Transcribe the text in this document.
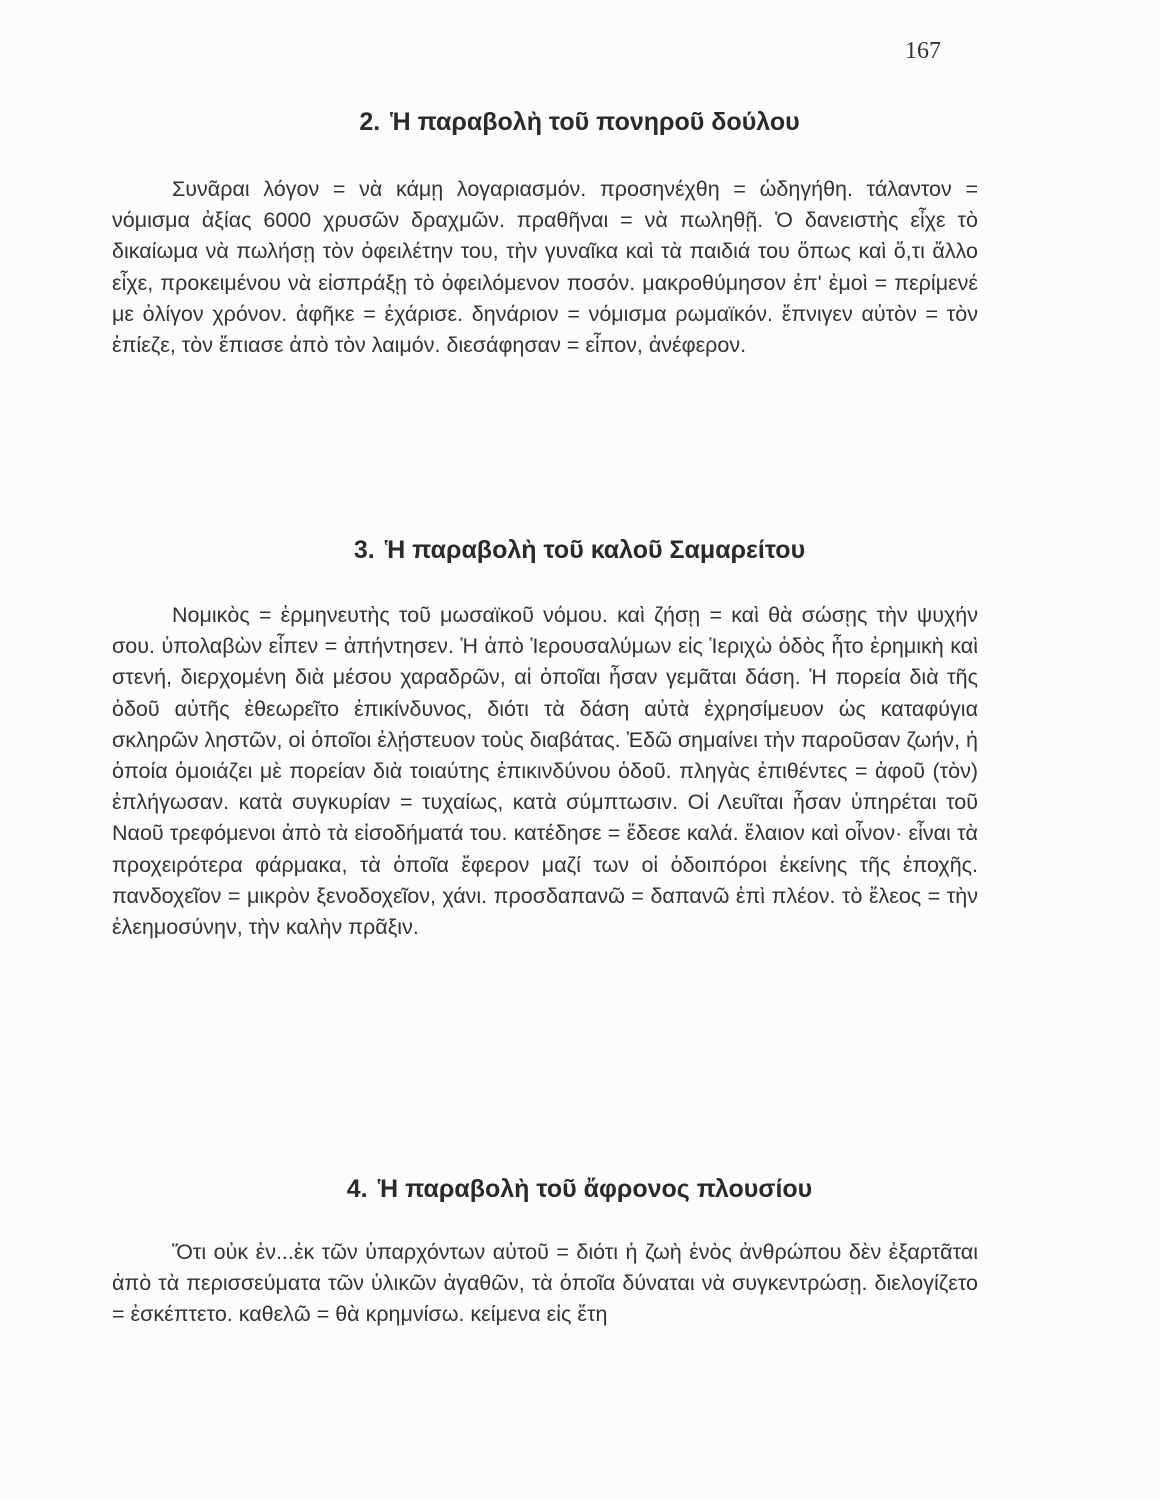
167
2. Ἡ παραβολὴ τοῦ πονηροῦ δούλου

Συνᾶραι λόγον = νὰ κάμῃ λογαριασμόν. προσηνέχθη = ὡδηγήθη. τάλαντον = νόμισμα ἀξίας 6000 χρυσῶν δραχμῶν. πραθῆναι = νὰ πωληθῇ. Ὁ δανειστὴς εἶχε τὸ δικαίωμα νὰ πωλήσῃ τὸν ὀφειλέτην του, τὴν γυναῖκα καὶ τὰ παιδιά του ὅπως καὶ ὅ,τι ἄλλο εἶχε, προκειμένου νὰ εἰσπράξῃ τὸ ὀφειλόμενον ποσόν. μακροθύμησον ἐπ' ἐμοὶ = περίμενέ με ὀλίγον χρόνον. ἀφῆκε = ἐχάρισε. δηνάριον = νόμισμα ρωμαϊκόν. ἔπνιγεν αὐτὸν = τὸν ἐπίεζε, τὸν ἔπιασε ἀπὸ τὸν λαιμόν. διεσάφησαν = εἶπον, ἀνέφερον.

3. Ἡ παραβολὴ τοῦ καλοῦ Σαμαρείτου

Νομικὸς = ἑρμηνευτὴς τοῦ μωσαϊκοῦ νόμου. καὶ ζήσῃ = καὶ θὰ σώσῃς τὴν ψυχήν σου. ὑπολαβὼν εἶπεν = ἀπήντησεν. Ἡ ἀπὸ Ἱερουσαλύμων εἰς Ἱεριχὼ ὁδὸς ἦτο ἐρημικὴ καὶ στενή, διερχομένη διὰ μέσου χαραδρῶν, αἱ ὁποῖαι ἦσαν γεμᾶται δάση. Ἡ πορεία διὰ τῆς ὁδοῦ αὐτῆς ἐθεωρεῖτο ἐπικίνδυνος, διότι τὰ δάση αὐτὰ ἐχρησίμευον ὡς καταφύγια σκληρῶν ληστῶν, οἱ ὁποῖοι ἐλῄστευον τοὺς διαβάτας. Ἐδῶ σημαίνει τὴν παροῦσαν ζωήν, ἡ ὁποία ὁμοιάζει μὲ πορείαν διὰ τοιαύτης ἐπικινδύνου ὁδοῦ. πληγὰς ἐπιθέντες = ἀφοῦ (τὸν) ἐπλήγωσαν. κατὰ συγκυρίαν = τυχαίως, κατὰ σύμπτωσιν. Οἱ Λευῖται ἦσαν ὑπηρέται τοῦ Ναοῦ τρεφόμενοι ἀπὸ τὰ εἰσοδήματά του. κατέδησε = ἔδεσε καλά. ἔλαιον καὶ οἶνον· εἶναι τὰ προχειρότερα φάρμακα, τὰ ὁποῖα ἔφερον μαζί των οἱ ὁδοιπόροι ἐκείνης τῆς ἐποχῆς. πανδοχεῖον = μικρὸν ξενοδοχεῖον, χάνι. προσδαπανῶ = δαπανῶ ἐπὶ πλέον. τὸ ἔλεος = τὴν ἐλεημοσύνην, τὴν καλὴν πρᾶξιν.

4. Ἡ παραβολὴ τοῦ ἄφρονος πλουσίου

Ὅτι οὐκ ἐν...ἐκ τῶν ὑπαρχόντων αὐτοῦ = διότι ἡ ζωὴ ἑνὸς ἀνθρώπου δὲν ἐξαρτᾶται ἀπὸ τὰ περισσεύματα τῶν ὑλικῶν ἀγαθῶν, τὰ ὁποῖα δύναται νὰ συγκεντρώσῃ. διελογίζετο = ἐσκέπτετο. καθελῶ = θὰ κρημνίσω. κείμενα εἰς ἔτη
